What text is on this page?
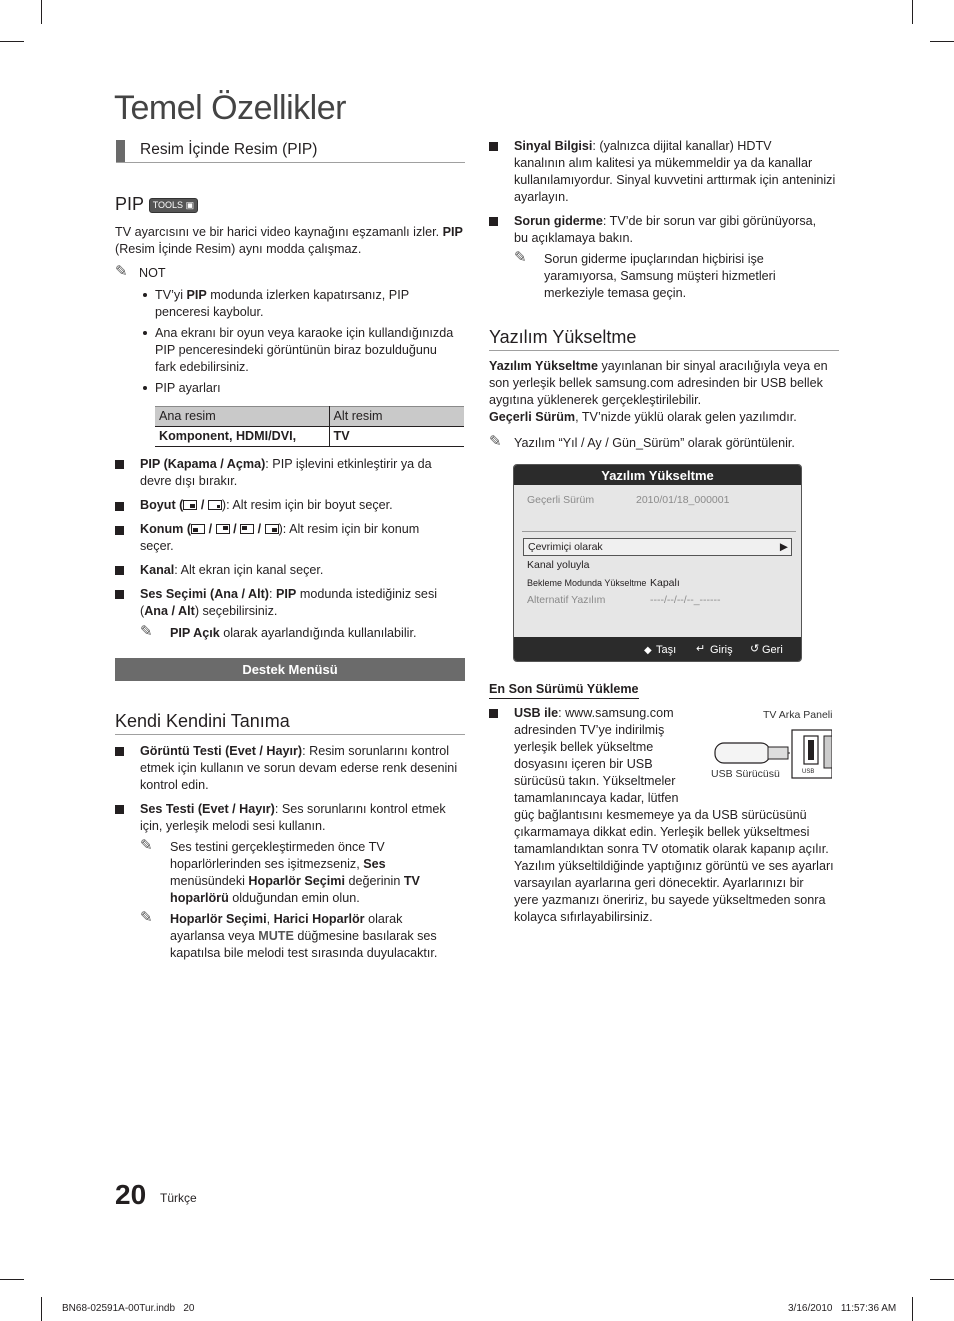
Temel Özellikler
Resim İçinde Resim (PIP)
PIP TOOLS ▣
TV ayarcısını ve bir harici video kaynağını eşzamanlı izler. PIP
(Resim İçinde Resim) aynı modda çalışmaz.
✎ NOT
TV’yi PIP modunda izlerken kapatırsanız, PIP
penceresi kaybolur.
Ana ekranı bir oyun veya karaoke için kullandığınızda
PIP penceresindeki görüntünün biraz bozulduğunu
fark edebilirsiniz.
PIP ayarları
Ana resim	Alt resim
Komponent, HDMI/DVI,	TV
PIP (Kapama / Açma): PIP işlevini etkinleştirir ya da
devre dışı bırakır.
Boyut (
/
): Alt resim için bir boyut seçer.
Konum (
/
/
/
): Alt resim için bir konum
seçer.
Kanal: Alt ekran için kanal seçer.
Ses Seçimi (Ana / Alt): PIP modunda istediğiniz sesi
(Ana / Alt) seçebilirsiniz.
✎ PIP Açık olarak ayarlandığında kullanılabilir.
Destek Menüsü
Kendi Kendini Tanıma
Görüntü Testi (Evet / Hayır): Resim sorunlarını kontrol
etmek için kullanın ve sorun devam ederse renk desenini
kontrol edin.
Ses Testi (Evet / Hayır): Ses sorunlarını kontrol etmek
için, yerleşik melodi sesi kullanın.
✎ Ses testini gerçekleştirmeden önce TV
hoparlörlerinden ses işitmezseniz, Ses
menüsündeki Hoparlör Seçimi değerinin TV
hoparlörü olduğundan emin olun.
✎ Hoparlör Seçimi, Harici Hoparlör olarak
ayarlansa veya MUTE düğmesine basılarak ses
kapatılsa bile melodi test sırasında duyulacaktır.
Sinyal Bilgisi: (yalnızca dijital kanallar) HDTV
kanalının alım kalitesi ya mükemmeldir ya da kanallar
kullanılamıyordur. Sinyal kuvvetini arttırmak için anteninizi
ayarlayın.
Sorun giderme: TV’de bir sorun var gibi görünüyorsa,
bu açıklamaya bakın.
✎ Sorun giderme ipuçlarından hiçbirisi işe
yaramıyorsa, Samsung müşteri hizmetleri
merkeziyle temasa geçin.
Yazılım Yükseltme
Yazılım Yükseltme yayınlanan bir sinyal aracılığıyla veya en
son yerleşik bellek samsung.com adresinden bir USB bellek
aygıtına yüklenerek gerçekleştirilebilir.
Geçerli Sürüm, TV’nizde yüklü olarak gelen yazılımdır.
✎ Yazılım “Yıl / Ay / Gün_Sürüm” olarak görüntülenir.
Yazılım Yükseltme
Geçerli Sürüm	2010/01/18_000001
Çevrimiçi olarak	▶
Kanal yoluyla
Bekleme Modunda Yükseltme Kapalı
Alternatif Yazılım	----/--/--/--_------
◆ Taşı ↵ Giriş ↺ Geri
En Son Sürümü Yükleme
USB ile: www.samsung.com
adresinden TV’ye indirilmiş
yerleşik bellek yükseltme
dosyasını içeren bir USB
sürücüsü takın. Yükseltmeler
tamamlanıncaya kadar, lütfen
güç bağlantısını kesmemeye ya da USB sürücüsünü
çıkarmamaya dikkat edin. Yerleşik bellek yükseltmesi
tamamlandıktan sonra TV otomatik olarak kapanıp açılır.
Yazılım yükseltildiğinde yaptığınız görüntü ve ses ayarları
varsayılan ayarlarına geri dönecektir. Ayarlarınızı bir
yere yazmanızı öneririz, bu sayede yükseltmeden sonra
kolayca sıfırlayabilirsiniz.
TV Arka Paneli
USB
USB Sürücüsü
20 Türkçe
BN68-02591A-00Tur.indb   20	3/16/2010   11:57:36 AM
